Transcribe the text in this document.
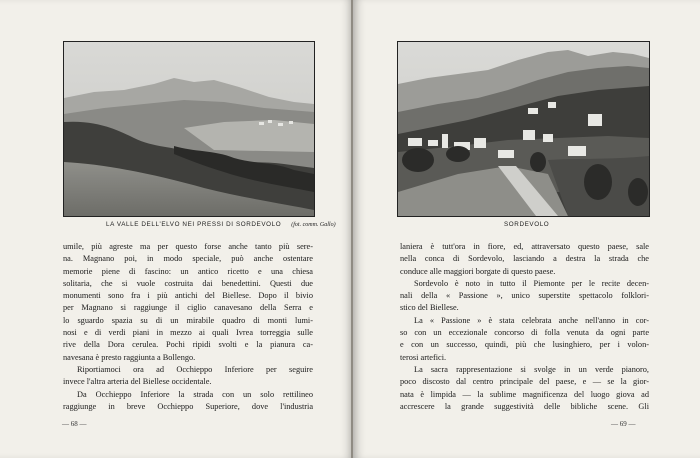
LA VALLE DELL'ELVO NEI PRESSI DI SORDEVOLO (fot. comm. Gallo)
umile, più agreste ma per questo forse anche tanto più sere-
na. Magnano poi, in modo speciale, può anche ostentare
memorie piene di fascino: un antico ricetto e una chiesa
solitaria, che si vuole costruita dai benedettini. Questi due
monumenti sono fra i più antichi del Biellese. Dopo il bivio
per Magnano si raggiunge il ciglio canavesano della Serra e
lo sguardo spazia su di un mirabile quadro di monti lumi-
nosi e di verdi piani in mezzo ai quali Ivrea torreggia sulle
rive della Dora cerulea. Pochi ripidi svolti e la pianura ca-
navesana è presto raggiunta a Bollengo.
Riportiamoci ora ad Occhieppo Inferiore per seguire
invece l'altra arteria del Biellese occidentale.
Da Occhieppo Inferiore la strada con un solo rettilineo
raggiunge in breve Occhieppo Superiore, dove l'industria
— 68 —
SORDEVOLO
laniera è tutt'ora in fiore, ed, attraversato questo paese, sale
nella conca di Sordevolo, lasciando a destra la strada che
conduce alle maggiori borgate di questo paese.
Sordevolo è noto in tutto il Piemonte per le recite decen-
nali della « Passione », unico superstite spettacolo folklori-
stico del Biellese.
La « Passione » è stata celebrata anche nell'anno in cor-
so con un eccezionale concorso di folla venuta da ogni parte
e con un successo, quindi, più che lusinghiero, per i volon-
terosi artefici.
La sacra rappresentazione si svolge in un verde pianoro,
poco discosto dal centro principale del paese, e — se la gior-
nata è limpida — la sublime magnificenza del luogo giova ad
accrescere la grande suggestività delle bibliche scene. Gli
— 69 —
